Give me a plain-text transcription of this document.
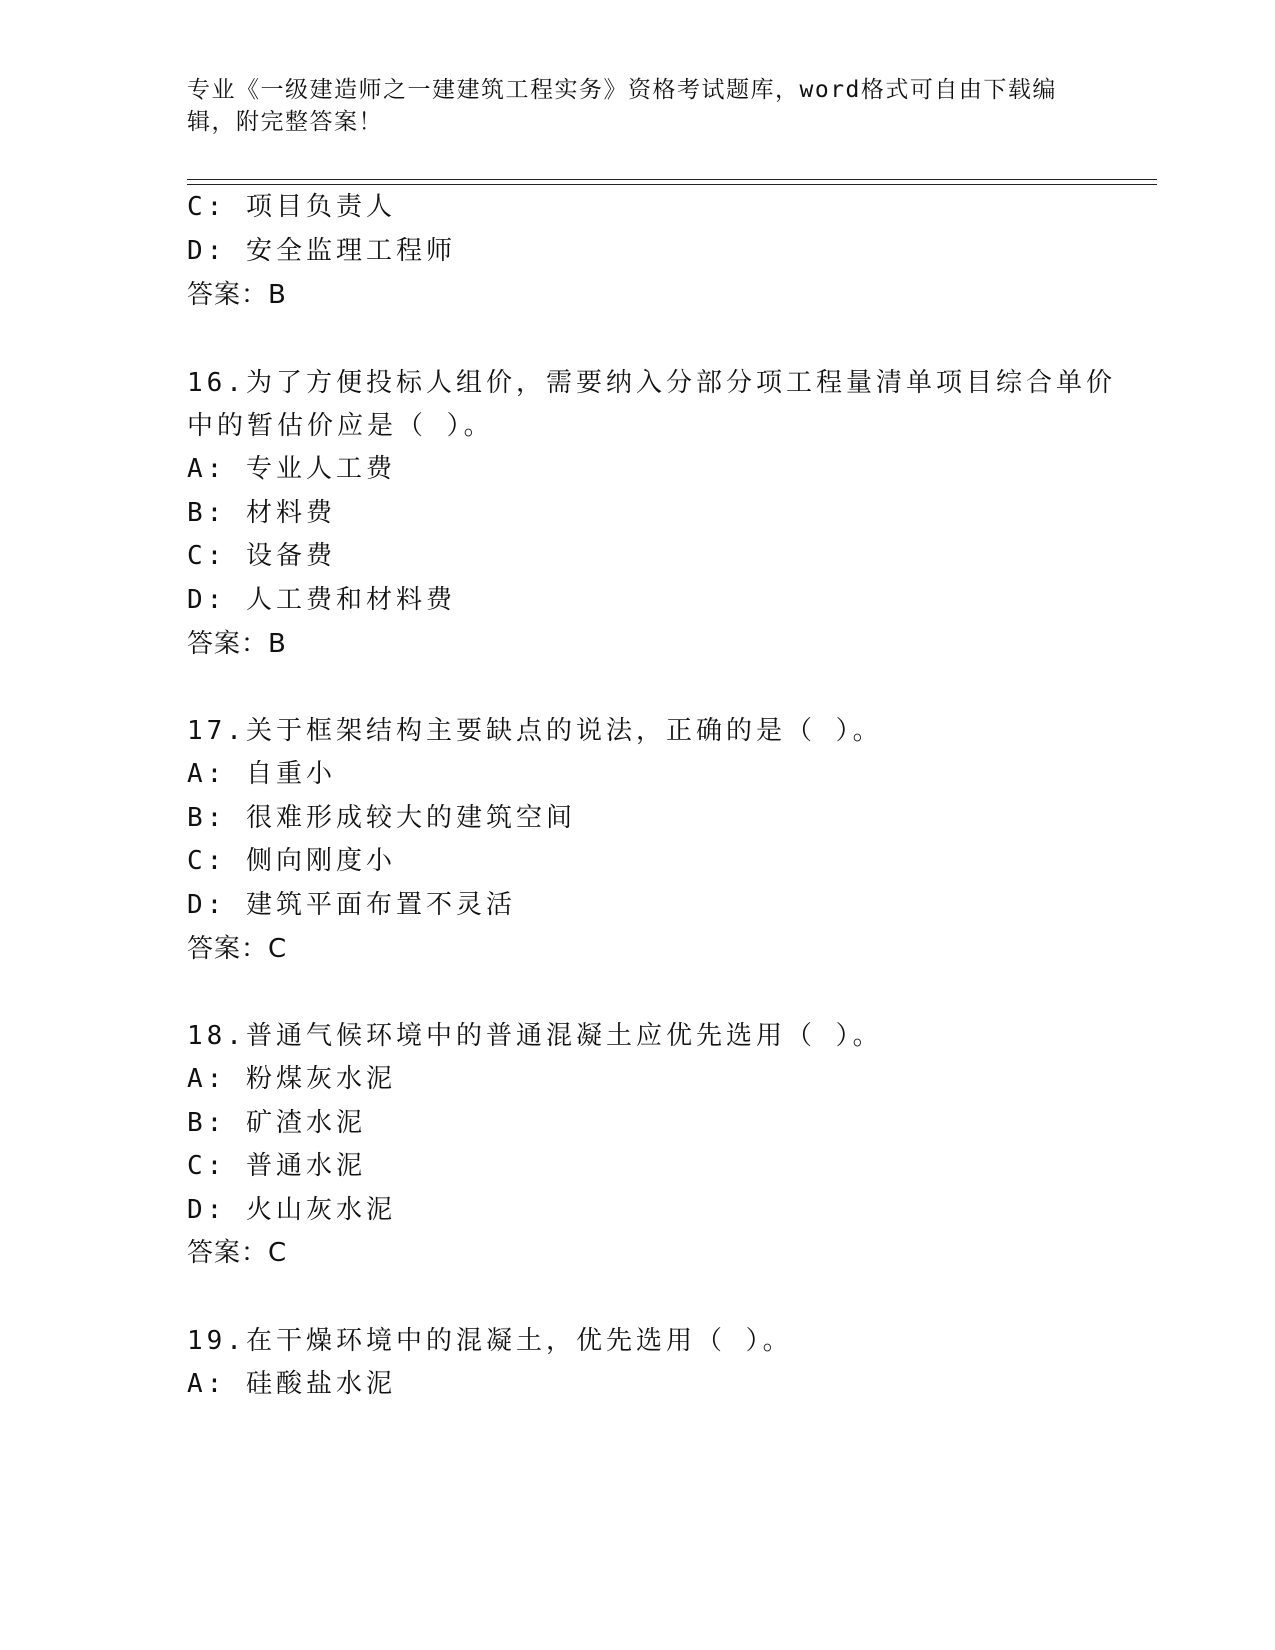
专业《一级建造师之一建建筑工程实务》资格考试题库，word格式可自由下载编辑，附完整答案！
C: 项目负责人
D: 安全监理工程师
答案：B
16.为了方便投标人组价，需要纳入分部分项工程量清单项目综合单价
中的暂估价应是（ ）。
A: 专业人工费
B: 材料费
C: 设备费
D: 人工费和材料费
答案：B
17.关于框架结构主要缺点的说法，正确的是（ ）。
A: 自重小
B: 很难形成较大的建筑空间
C: 侧向刚度小
D: 建筑平面布置不灵活
答案：C
18.普通气候环境中的普通混凝土应优先选用（ ）。
A: 粉煤灰水泥
B: 矿渣水泥
C: 普通水泥
D: 火山灰水泥
答案：C
19.在干燥环境中的混凝土，优先选用（ ）。
A: 硅酸盐水泥
